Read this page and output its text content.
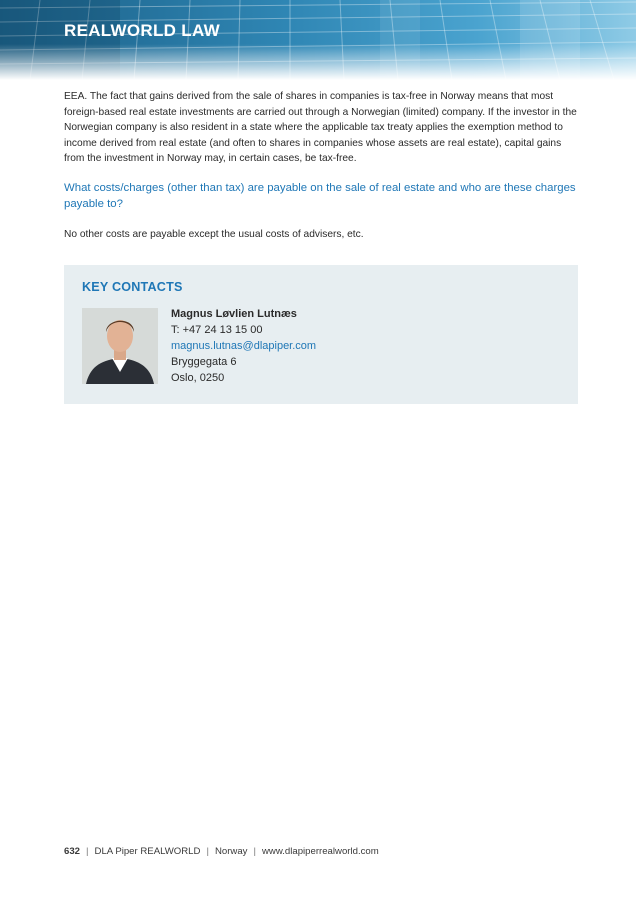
REALWORLD LAW
EEA. The fact that gains derived from the sale of shares in companies is tax-free in Norway means that most foreign-based real estate investments are carried out through a Norwegian (limited) company. If the investor in the Norwegian company is also resident in a state where the applicable tax treaty applies the exemption method to income derived from real estate (and often to shares in companies whose assets are real estate), capital gains from the investment in Norway may, in certain cases, be tax-free.
What costs/charges (other than tax) are payable on the sale of real estate and who are these charges payable to?
No other costs are payable except the usual costs of advisers, etc.
KEY CONTACTS
Magnus Løvlien Lutnæs
T: +47 24 13 15 00
magnus.lutnas@dlapiper.com
Bryggegata 6
Oslo, 0250
632 | DLA Piper REALWORLD | Norway | www.dlapiperrealworld.com
